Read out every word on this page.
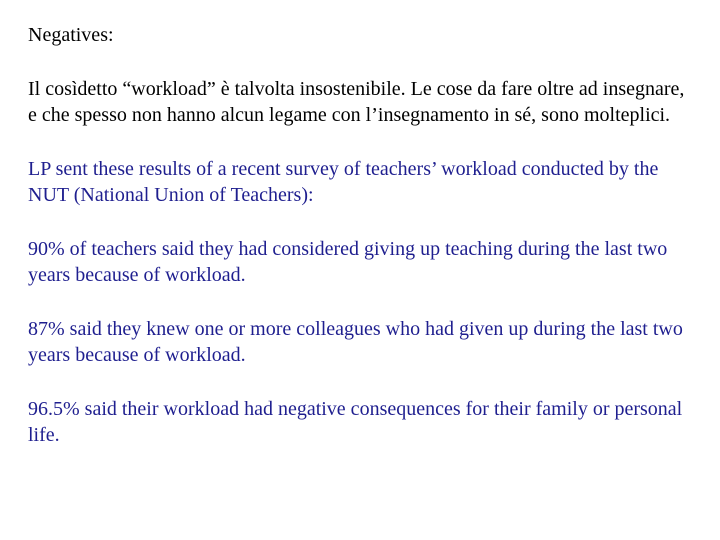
Negatives:
Il cosìdetto “workload” è talvolta insostenibile. Le cose da fare oltre ad insegnare, e che spesso non hanno alcun legame con l’insegnamento in sé, sono molteplici.
LP sent these results of a recent survey of teachers’ workload conducted by the NUT (National Union of Teachers):
90% of teachers said they had considered giving up teaching during the last two years because of workload.
87% said they knew one or more colleagues who had given up during the last two years because of workload.
96.5% said their workload had negative consequences for their family or personal life.
